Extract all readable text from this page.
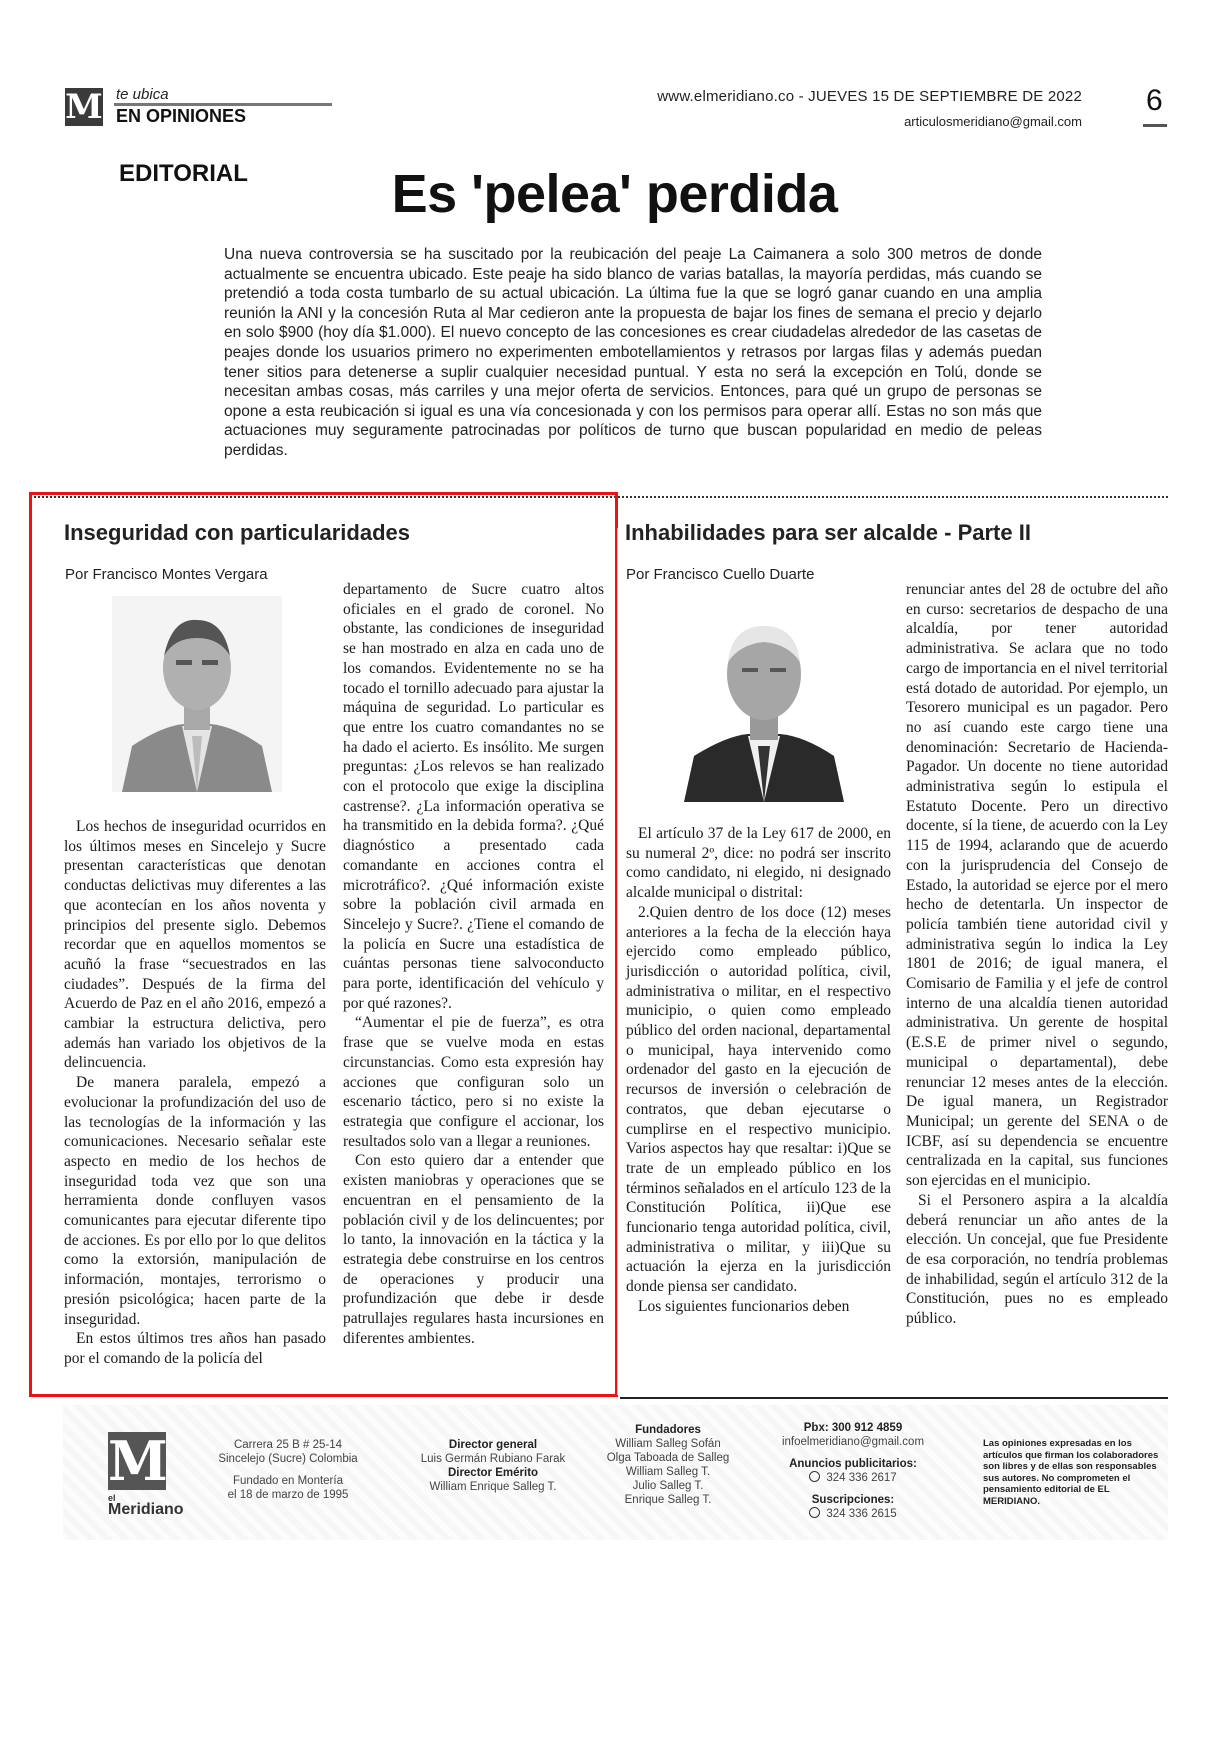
M te ubica
EN OPINIONES
www.elmeridiano.co - JUEVES 15 DE SEPTIEMBRE DE 2022
articulosmeridiano@gmail.com
6
EDITORIAL	Es 'pelea' perdida
Una nueva controversia se ha suscitado por la reubicación del peaje La Caimanera a solo 300 metros de donde actualmente se encuentra ubicado. Este peaje ha sido blanco de varias batallas, la mayoría perdidas, más cuando se pretendió a toda costa tumbarlo de su actual ubicación. La última fue la que se logró ganar cuando en una amplia reunión la ANI y la concesión Ruta al Mar cedieron ante la propuesta de bajar los fines de semana el precio y dejarlo en solo $900 (hoy día $1.000). El nuevo concepto de las concesiones es crear ciudadelas alrededor de las casetas de peajes donde los usuarios primero no experimenten embotellamientos y retrasos por largas filas y además puedan tener sitios para detenerse a suplir cualquier necesidad puntual. Y esta no será la excepción en Tolú, donde se necesitan ambas cosas, más carriles y una mejor oferta de servicios. Entonces, para qué un grupo de personas se opone a esta reubicación si igual es una vía concesionada y con los permisos para operar allí. Estas no son más que actuaciones muy seguramente patrocinadas por políticos de turno que buscan popularidad en medio de peleas perdidas.
Inseguridad con particularidades
Por Francisco Montes Vergara

Los hechos de inseguridad ocurridos en los últimos meses en Sincelejo y Sucre presentan características que denotan conductas delictivas muy diferentes a las que acontecían en los años noventa y principios del presente siglo. Debemos recordar que en aquellos momentos se acuñó la frase “secuestrados en las ciudades”. Después de la firma del Acuerdo de Paz en el año 2016, empezó a cambiar la estructura delictiva, pero además han variado los objetivos de la delincuencia.

De manera paralela, empezó a evolucionar la profundización del uso de las tecnologías de la información y las comunicaciones. Necesario señalar este aspecto en medio de los hechos de inseguridad toda vez que son una herramienta donde confluyen vasos comunicantes para ejecutar diferente tipo de acciones. Es por ello por lo que delitos como la extorsión, manipulación de información, montajes, terrorismo o presión psicológica; hacen parte de la inseguridad.

En estos últimos tres años han pasado por el comando de la policía del

departamento de Sucre cuatro altos oficiales en el grado de coronel. No obstante, las condiciones de inseguridad se han mostrado en alza en cada uno de los comandos. Evidentemente no se ha tocado el tornillo adecuado para ajustar la máquina de seguridad. Lo particular es que entre los cuatro comandantes no se ha dado el acierto. Es insólito. Me surgen preguntas: ¿Los relevos se han realizado con el protocolo que exige la disciplina castrense?. ¿La información operativa se ha transmitido en la debida forma?. ¿Qué diagnóstico a presentado cada comandante en acciones contra el microtráfico?. ¿Qué información existe sobre la población civil armada en Sincelejo y Sucre?. ¿Tiene el comando de la policía en Sucre una estadística de cuántas personas tiene salvoconducto para porte, identificación del vehículo y por qué razones?.

“Aumentar el pie de fuerza”, es otra frase que se vuelve moda en estas circunstancias. Como esta expresión hay acciones que configuran solo un escenario táctico, pero si no existe la estrategia que configure el accionar, los resultados solo van a llegar a reuniones.

Con esto quiero dar a entender que existen maniobras y operaciones que se encuentran en el pensamiento de la población civil y de los delincuentes; por lo tanto, la innovación en la táctica y la estrategia debe construirse en los centros de operaciones y producir una profundización que debe ir desde patrullajes regulares hasta incursiones en diferentes ambientes.

Inhabilidades para ser alcalde - Parte II
Por Francisco Cuello Duarte

El artículo 37 de la Ley 617 de 2000, en su numeral 2º, dice: no podrá ser inscrito como candidato, ni elegido, ni designado alcalde municipal o distrital:

2.Quien dentro de los doce (12) meses anteriores a la fecha de la elección haya ejercido como empleado público, jurisdicción o autoridad política, civil, administrativa o militar, en el respectivo municipio, o quien como empleado público del orden nacional, departamental o municipal, haya intervenido como ordenador del gasto en la ejecución de recursos de inversión o celebración de contratos, que deban ejecutarse o cumplirse en el respectivo municipio. Varios aspectos hay que resaltar: i)Que se trate de un empleado público en los términos señalados en el artículo 123 de la Constitución Política, ii)Que ese funcionario tenga autoridad política, civil, administrativa o militar, y iii)Que su actuación la ejerza en la jurisdicción donde piensa ser candidato.

Los siguientes funcionarios deben

renunciar antes del 28 de octubre del año en curso: secretarios de despacho de una alcaldía, por tener autoridad administrativa. Se aclara que no todo cargo de importancia en el nivel territorial está dotado de autoridad. Por ejemplo, un Tesorero municipal es un pagador. Pero no así cuando este cargo tiene una denominación: Secretario de Hacienda- Pagador. Un docente no tiene autoridad administrativa según lo estipula el Estatuto Docente. Pero un directivo docente, sí la tiene, de acuerdo con la Ley 115 de 1994, aclarando que de acuerdo con la jurisprudencia del Consejo de Estado, la autoridad se ejerce por el mero hecho de detentarla. Un inspector de policía también tiene autoridad civil y administrativa según lo indica la Ley 1801 de 2016; de igual manera, el Comisario de Familia y el jefe de control interno de una alcaldía tienen autoridad administrativa. Un gerente de hospital (E.S.E de primer nivel o segundo, municipal o departamental), debe renunciar 12 meses antes de la elección. De igual manera, un Registrador Municipal; un gerente del SENA o de ICBF, así su dependencia se encuentre centralizada en la capital, sus funciones son ejercidas en el municipio.

Si el Personero aspira a la alcaldía deberá renunciar un año antes de la elección. Un concejal, que fue Presidente de esa corporación, no tendría problemas de inhabilidad, según el artículo 312 de la Constitución, pues no es empleado público.

M
el
Meridiano
Carrera 25 B # 25-14
Sincelejo (Sucre) Colombia
Fundado en Montería
el 18 de marzo de 1995
Director general
Luis Germán Rubiano Farak
Director Emérito
William Enrique Salleg T.
Fundadores
William Salleg Sofán
Olga Taboada de Salleg
William Salleg T.
Julio Salleg T.
Enrique Salleg T.
Pbx: 300 912 4859
infoelmeridiano@gmail.com
Anuncios publicitarios:
324 336 2617
Suscripciones:
324 336 2615
Las opiniones expresadas en los artículos que firman los colaboradores son libres y de ellas son responsables sus autores. No comprometen el pensamiento editorial de EL MERIDIANO.
